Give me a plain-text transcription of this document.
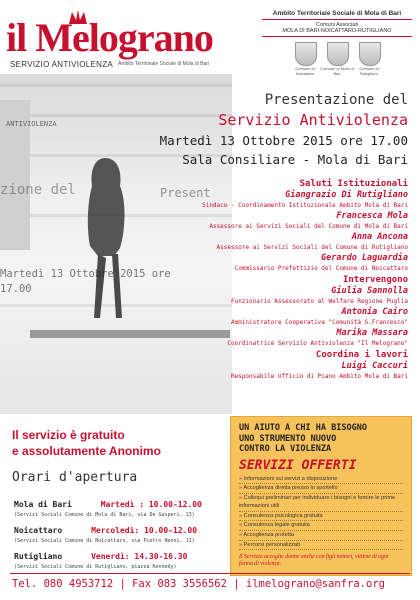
il Melograno
SERVIZIO ANTIVIOLENZA Ambito Territoriale Sociale di Mola di Bari
Ambito Territoriale Sociale di Mola di Bari
Comuni Associati
MOLA DI BARI-NOICATTARO-RUTIGLIANO
Comune di Noicattaro
Comune di Mola di Bari
Comune di Rutigliano
ANTIVIOLENZA
zione del	Present
Martedì 13 Ottobre 2015 ore
17.00
Presentazione del
Servizio Antiviolenza
Martedì 13 Ottobre 2015 ore 17.00
Sala Consiliare - Mola di Bari
Saluti Istituzionali
Giangrazio Di Rutigliano
Sindaco - Coordinamento Istituzionale Ambito Mola di Bari
Francesca Mola
Assessore ai Servizi Sociali del Comune di Mola di Bari
Anna Ancona
Assessore ai Servizi Sociali del Comune di Rutigliano
Gerardo Laguardia
Commissario Prefettizio del Comune di Noicattaro
Intervengono
Giulia Sannolla
Funzionario Assessorato al Welfare Regione Puglia
Antonia Cairo
Amministratore Cooperativa "Comunità S.Francesco"
Marika Massara
Coordinatrice Servizio Antiviolenza "Il Melograno"
Coordina i lavori
Luigi Caccuri
Responsabile Ufficio di Piano Ambito Mola di Bari
UN AIUTO A CHI HA BISOGNO
UNO STRUMENTO NUOVO
CONTRO LA VIOLENZA
SERVIZI OFFERTI
» Informazioni sui servizi a disposizione
» Accoglienza diretta presso lo sportello
» Colloqui preliminari per individuare i bisogni e fornire le prime informazioni utili
» Consulenza psicologica gratuita
» Consulenza legale gratuita
» Accoglienza protetta
» Percorsi personalizzati
Il Servizio accoglie donne anche con figli minori, vittime di ogni forma di violenza.
Il servizio è gratuito
e assolutamente Anonimo
Orari d'apertura
Mola di Bari	Martedì : 10.00-12.00
(Servizi Sociali Comune di Mola di Bari, via De Gasperi, 13)
Noicattaro	Mercoledì: 10.00-12.00
(Servizi Sociali Comune di Noicattaro, via Pietro Nenni, 11)
Rutigliano	Venerdì: 14.30-16.30
(Servizi Sociali Comune di Rutigliano, piazza Kennedy)
Tel. 080 4953712 | Fax 083 3556562 | ilmelograno@sanfra.org
